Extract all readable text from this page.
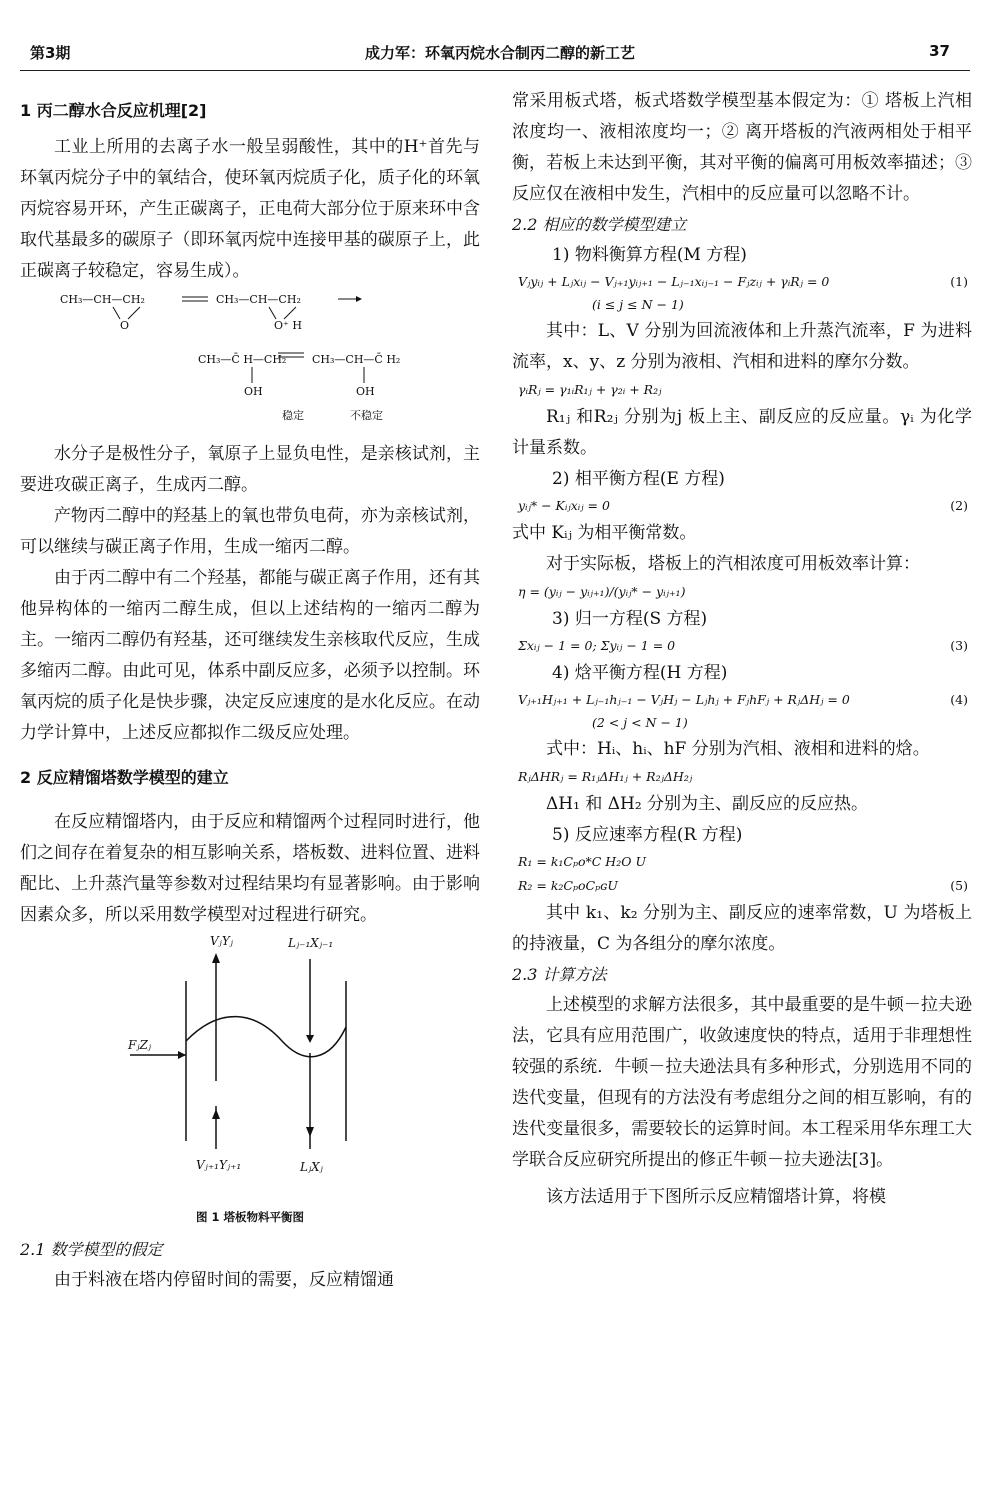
第3期	成力军：环氧丙烷水合制丙二醇的新工艺	37

1 丙二醇水合反应机理[2]

工业上所用的去离子水一般呈弱酸性，其中的H⁺首先与环氧丙烷分子中的氧结合，使环氧丙烷质子化，质子化的环氧丙烷容易开环，产生正碳离子，正电荷大部分位于原来环中含取代基最多的碳原子（即环氧丙烷中连接甲基的碳原子上，此正碳离子较稳定，容易生成）。

CH₃—CH—CH₂
O
CH₃—CH—CH₂
O⁺ H
CH₃—C̄ H—CH₂ CH₃—CH—C̄ H₂
OH	OH
稳定	不稳定

水分子是极性分子，氧原子上显负电性，是亲核试剂，主要进攻碳正离子，生成丙二醇。

产物丙二醇中的羟基上的氧也带负电荷，亦为亲核试剂，可以继续与碳正离子作用，生成一缩丙二醇。

由于丙二醇中有二个羟基，都能与碳正离子作用，还有其他异构体的一缩丙二醇生成，但以上述结构的一缩丙二醇为主。一缩丙二醇仍有羟基，还可继续发生亲核取代反应，生成多缩丙二醇。由此可见，体系中副反应多，必须予以控制。环氧丙烷的质子化是快步骤，决定反应速度的是水化反应。在动力学计算中，上述反应都拟作二级反应处理。

2 反应精馏塔数学模型的建立

在反应精馏塔内，由于反应和精馏两个过程同时进行，他们之间存在着复杂的相互影响关系，塔板数、进料位置、进料配比、上升蒸汽量等参数对过程结果均有显著影响。由于影响因素众多，所以采用数学模型对过程进行研究。

VⱼYⱼ	Lⱼ₋₁Xⱼ₋₁
FⱼZⱼ
Vⱼ₊₁Yⱼ₊₁	LⱼXⱼ

图 1 塔板物料平衡图

2.1 数学模型的假定

由于料液在塔内停留时间的需要，反应精馏通

常采用板式塔，板式塔数学模型基本假定为：① 塔板上汽相浓度均一、液相浓度均一；② 离开塔板的汽液两相处于相平衡，若板上未达到平衡，其对平衡的偏离可用板效率描述；③ 反应仅在液相中发生，汽相中的反应量可以忽略不计。

2.2 相应的数学模型建立

1) 物料衡算方程(M 方程)

Vⱼyᵢⱼ + Lⱼxᵢⱼ − Vⱼ₊₁yᵢⱼ₊₁ − Lⱼ₋₁xᵢⱼ₋₁ − Fⱼzᵢⱼ + γᵢRⱼ = 0	(1)

(i ≤ j ≤ N − 1)

其中：L、V 分别为回流液体和上升蒸汽流率，F 为进料流率，x、y、z 分别为液相、汽相和进料的摩尔分数。

γᵢRⱼ = γ₁ᵢR₁ⱼ + γ₂ᵢ + R₂ⱼ

R₁ⱼ 和R₂ⱼ 分别为j 板上主、副反应的反应量。γᵢ 为化学计量系数。

2) 相平衡方程(E 方程)

yᵢⱼ* − Kᵢⱼxᵢⱼ = 0	(2)

式中 Kᵢⱼ 为相平衡常数。

对于实际板，塔板上的汽相浓度可用板效率计算：

η = (yᵢⱼ − yᵢⱼ₊₁)/(yᵢⱼ* − yᵢⱼ₊₁)

3) 归一方程(S 方程)

Σxᵢⱼ − 1 = 0; Σyᵢⱼ − 1 = 0	(3)

4) 焓平衡方程(H 方程)

Vⱼ₊₁Hⱼ₊₁ + Lⱼ₋₁hⱼ₋₁ − VⱼHⱼ − Lⱼhⱼ + FⱼhFⱼ + RⱼΔHⱼ = 0	(4)

(2 < j < N − 1)

式中：Hᵢ、hᵢ、hF 分别为汽相、液相和进料的焓。

RⱼΔHRⱼ = R₁ⱼΔH₁ⱼ + R₂ⱼΔH₂ⱼ

ΔH₁ 和 ΔH₂ 分别为主、副反应的反应热。

5) 反应速率方程(R 方程)

R₁ = k₁Cₚo*C H₂O U

R₂ = k₂CₚoCₚɢU	(5)

其中 k₁、k₂ 分别为主、副反应的速率常数，U 为塔板上的持液量，C 为各组分的摩尔浓度。

2.3 计算方法

上述模型的求解方法很多，其中最重要的是牛顿－拉夫逊法，它具有应用范围广，收敛速度快的特点，适用于非理想性较强的系统．牛顿－拉夫逊法具有多种形式，分别选用不同的迭代变量，但现有的方法没有考虑组分之间的相互影响，有的迭代变量很多，需要较长的运算时间。本工程采用华东理工大学联合反应研究所提出的修正牛顿－拉夫逊法[3]。

该方法适用于下图所示反应精馏塔计算，将模
